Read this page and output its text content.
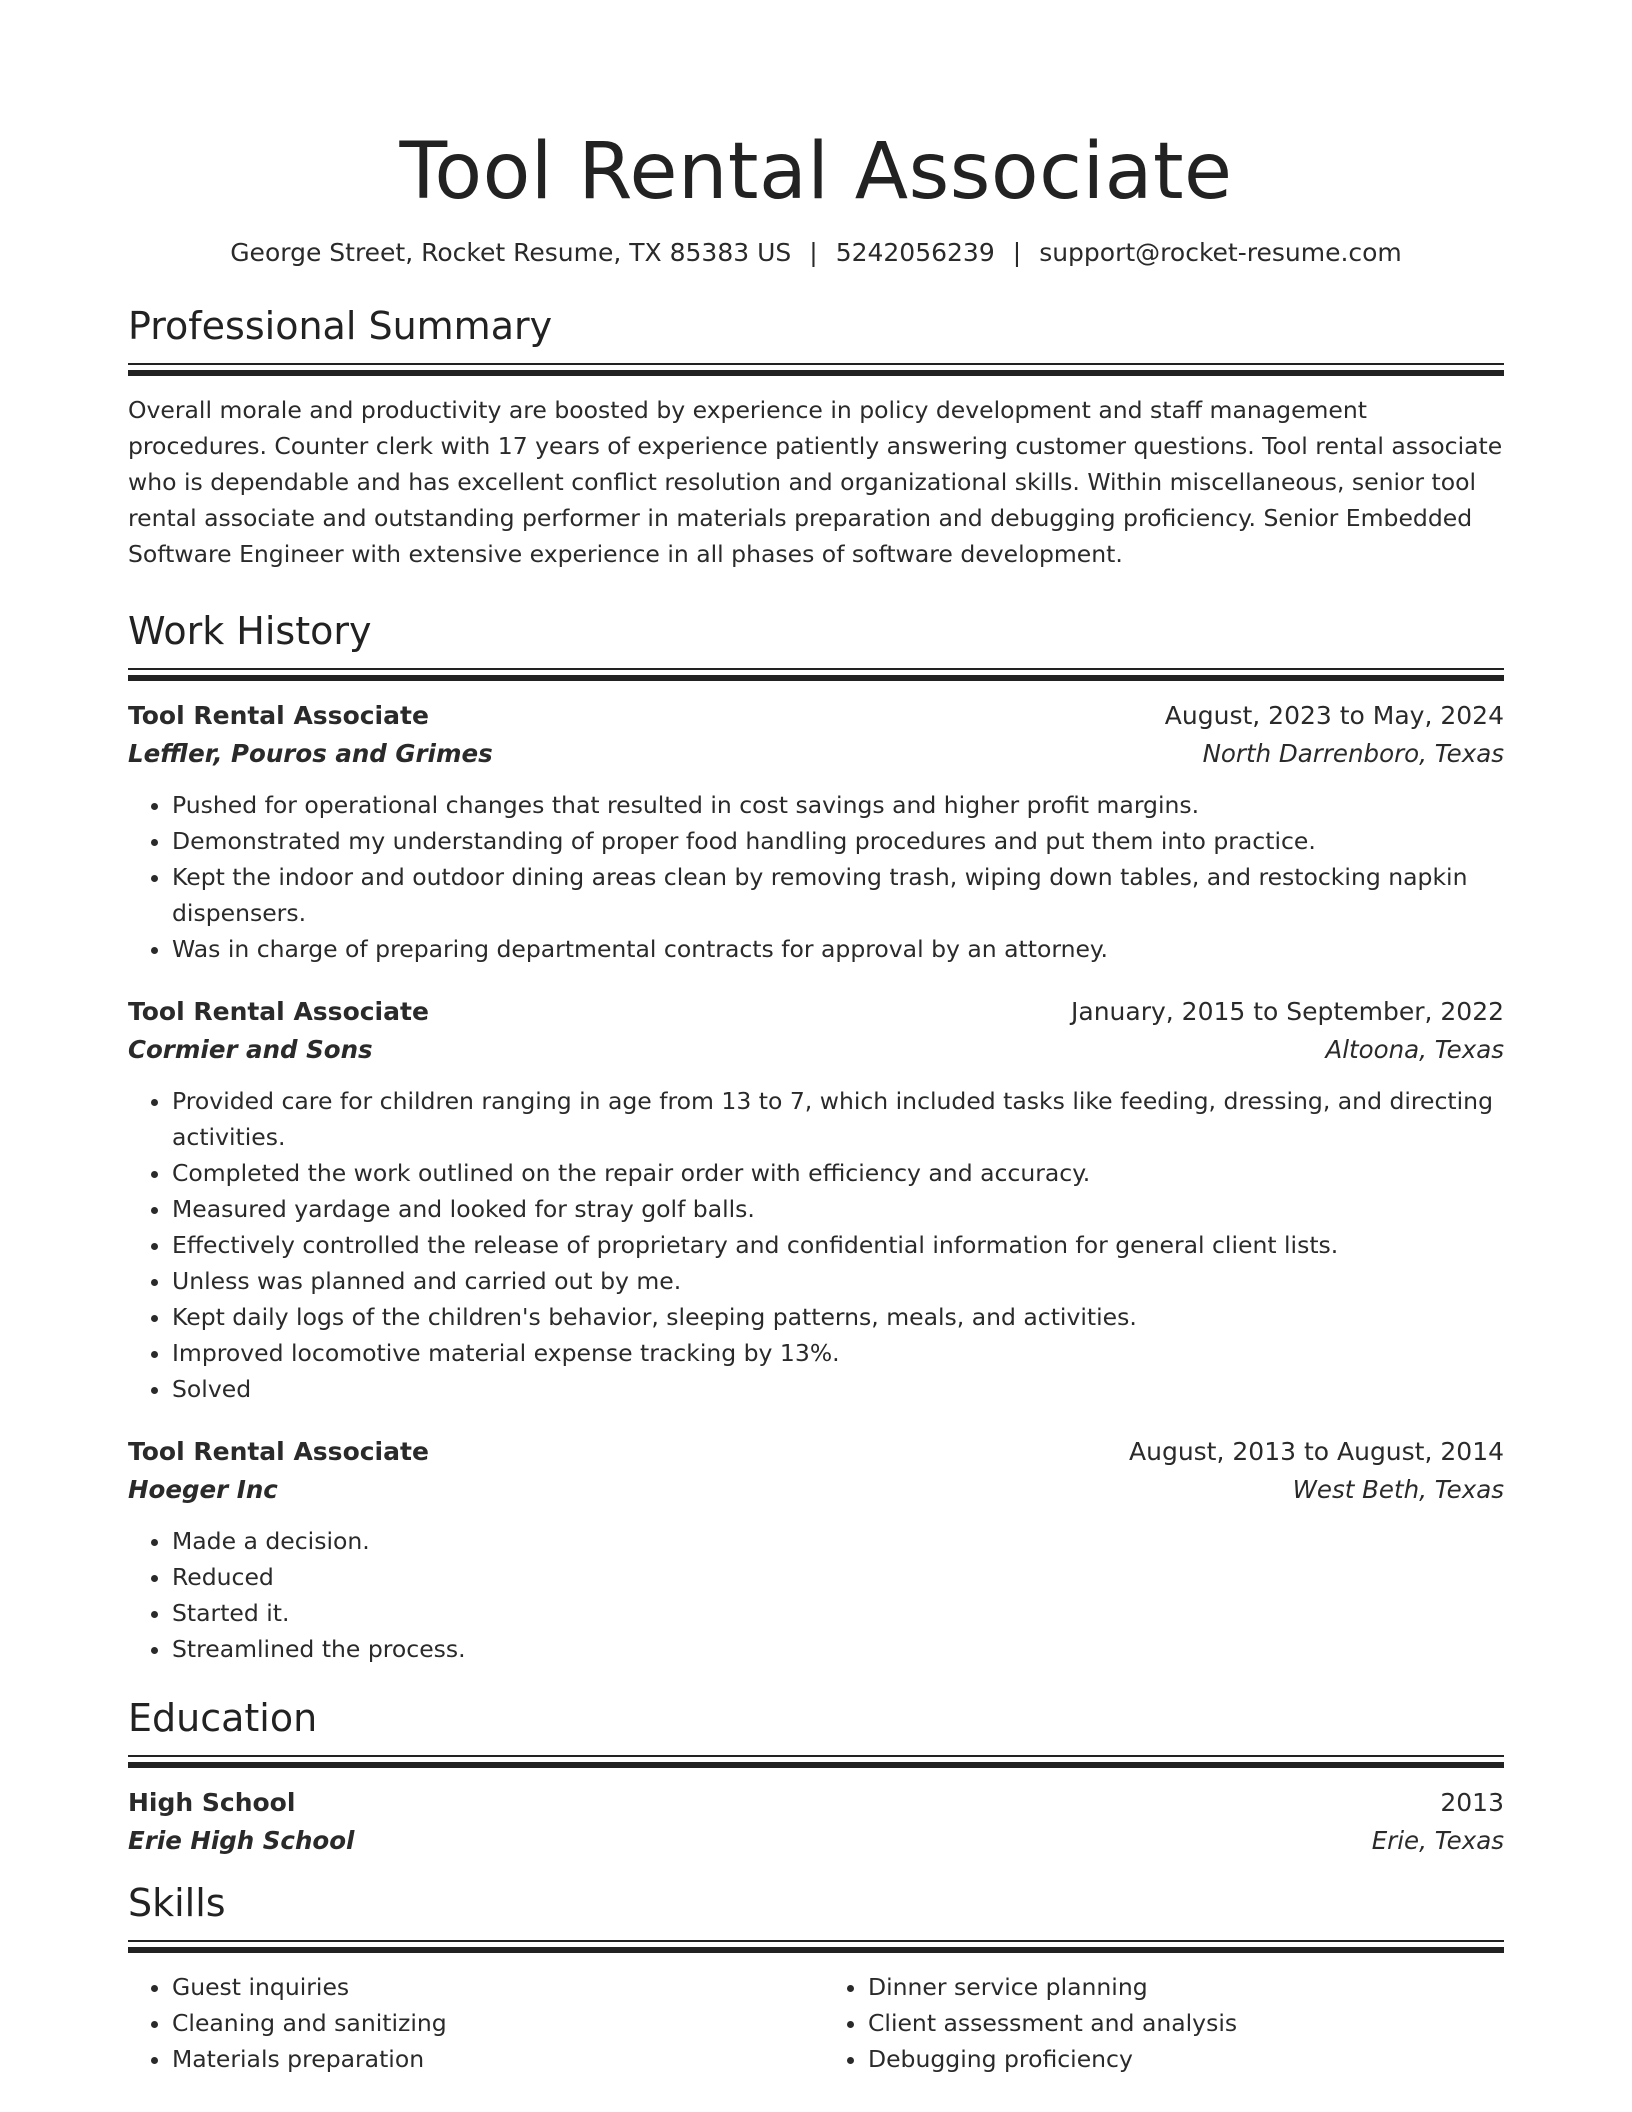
Tool Rental Associate
George Street, Rocket Resume, TX 85383 US | 5242056239 | support@rocket-resume.com
Professional Summary

Overall morale and productivity are boosted by experience in policy development and staff management procedures. Counter clerk with 17 years of experience patiently answering customer questions. Tool rental associate who is dependable and has excellent conflict resolution and organizational skills. Within miscellaneous, senior tool rental associate and outstanding performer in materials preparation and debugging proficiency. Senior Embedded Software Engineer with extensive experience in all phases of software development.

Work History
Tool Rental Associate	August, 2023 to May, 2024
Leffler, Pouros and Grimes	North Darrenboro, Texas
• Pushed for operational changes that resulted in cost savings and higher profit margins.
• Demonstrated my understanding of proper food handling procedures and put them into practice.
• Kept the indoor and outdoor dining areas clean by removing trash, wiping down tables, and restocking napkin dispensers.
• Was in charge of preparing departmental contracts for approval by an attorney.
Tool Rental Associate	January, 2015 to September, 2022
Cormier and Sons	Altoona, Texas
• Provided care for children ranging in age from 13 to 7, which included tasks like feeding, dressing, and directing activities.
• Completed the work outlined on the repair order with efficiency and accuracy.
• Measured yardage and looked for stray golf balls.
• Effectively controlled the release of proprietary and confidential information for general client lists.
• Unless was planned and carried out by me.
• Kept daily logs of the children's behavior, sleeping patterns, meals, and activities.
• Improved locomotive material expense tracking by 13%.
• Solved
Tool Rental Associate	August, 2013 to August, 2014
Hoeger Inc	West Beth, Texas
• Made a decision.
• Reduced
• Started it.
• Streamlined the process.
Education
High School	2013
Erie High School	Erie, Texas
Skills
• Guest inquiries
• Cleaning and sanitizing
• Materials preparation
• Dinner service planning
• Client assessment and analysis
• Debugging proficiency
